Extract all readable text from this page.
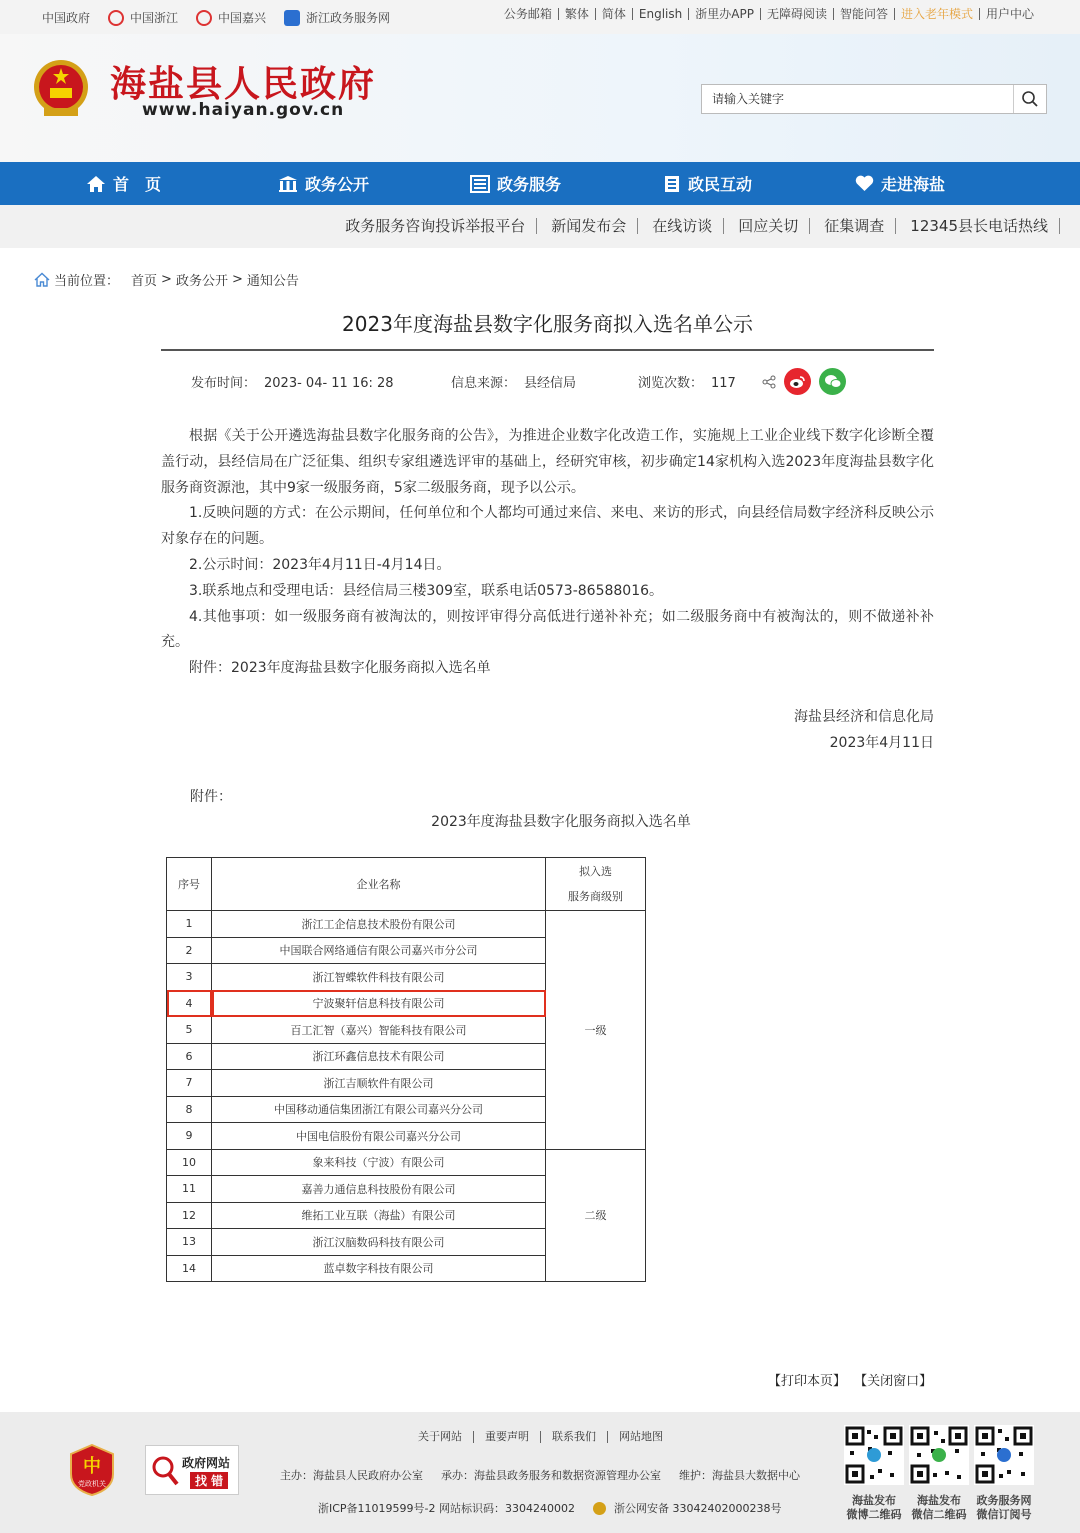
中国政府	中国浙江	中国嘉兴	浙江政务服务网	公务邮箱	繁体	简体	English	浙里办APP	无障碍阅读	智能问答	进入老年模式	用户中心
海盐县人民政府
www.haiyan.gov.cn
请输入关键字
首　页	政务公开	政务服务	政民互动	走进海盐
政务服务咨询投诉举报平台	新闻发布会	在线访谈	回应关切	征集调查	12345县长电话热线
当前位置： 首页 > 政务公开 > 通知公告
2023年度海盐县数字化服务商拟入选名单公示
发布时间： 2023- 04- 11 16: 28	信息来源： 县经信局	浏览次数： 117

根据《关于公开遴选海盐县数字化服务商的公告》，为推进企业数字化改造工作，实施规上工业企业线下数字化诊断全覆盖行动，县经信局在广泛征集、组织专家组遴选评审的基础上，经研究审核，初步确定14家机构入选2023年度海盐县数字化服务商资源池，其中9家一级服务商，5家二级服务商，现予以公示。

1.反映问题的方式：在公示期间，任何单位和个人都均可通过来信、来电、来访的形式，向县经信局数字经济科反映公示对象存在的问题。

2.公示时间：2023年4月11日-4月14日。

3.联系地点和受理电话：县经信局三楼309室，联系电话0573-86588016。

4.其他事项：如一级服务商有被淘汰的，则按评审得分高低进行递补补充；如二级服务商中有被淘汰的，则不做递补补充。

附件：2023年度海盐县数字化服务商拟入选名单

海盐县经济和信息化局
2023年4月11日
附件：
2023年度海盐县数字化服务商拟入选名单
序号	企业名称	拟入选
服务商级别
1	浙江工企信息技术股份有限公司	一级
2	中国联合网络通信有限公司嘉兴市分公司	
3	浙江智蝶软件科技有限公司	
4	宁波聚轩信息科技有限公司	
5	百工汇智（嘉兴）智能科技有限公司	
6	浙江环鑫信息技术有限公司	
7	浙江吉顺软件有限公司	
8	中国移动通信集团浙江有限公司嘉兴分公司	
9	中国电信股份有限公司嘉兴分公司	
10	象来科技（宁波）有限公司	二级
11	嘉善力通信息科技股份有限公司	
12	维拓工业互联（海盐）有限公司	
13	浙江汉脑数码科技有限公司	
14	蓝卓数字科技有限公司	
【打印本页】 【关闭窗口】
中
党政机关
政府网站
找 错
关于网站	重要声明	联系我们	网站地图
主办：海盐县人民政府办公室 承办：海盐县政务服务和数据资源管理办公室 维护：海盐县大数据中心
浙ICP备11019599号-2 网站标识码：3304240002	浙公网安备 33042402000238号
海盐发布
微博二维码
海盐发布
微信二维码
政务服务网
微信订阅号
